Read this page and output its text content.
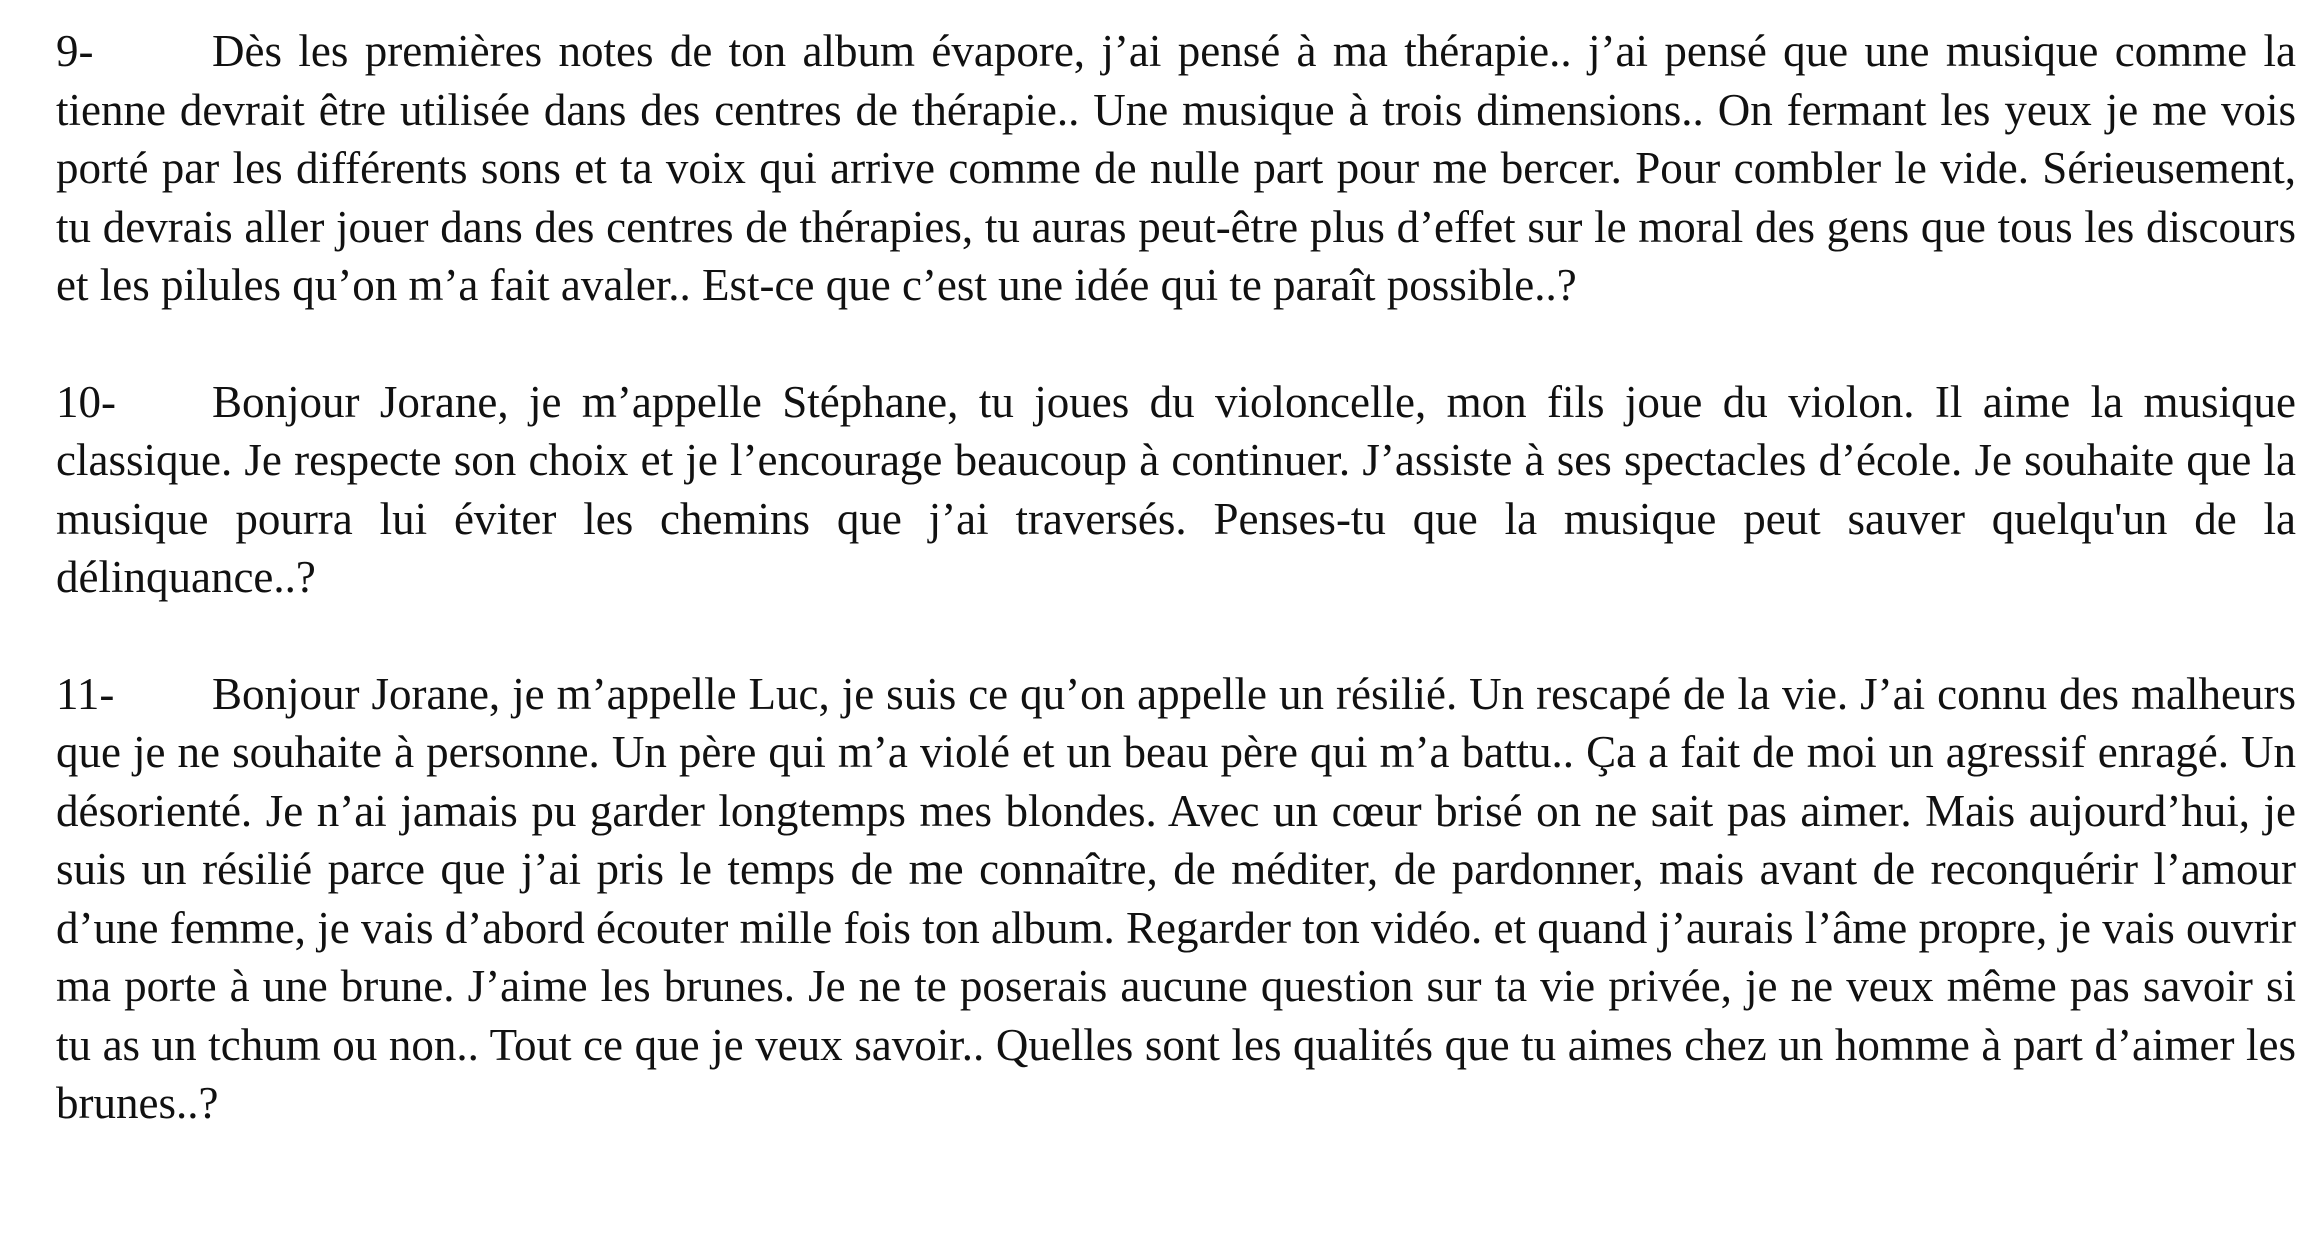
9-	Dès les premières notes de ton album évapore, j’ai pensé à ma thérapie.. j’ai pensé que une musique comme la tienne devrait être utilisée dans des centres de thérapie.. Une musique à trois dimensions.. On fermant les yeux je me vois porté par les différents sons et ta voix qui arrive comme de nulle part pour me bercer. Pour combler le vide. Sérieusement, tu devrais aller jouer dans des centres de thérapies, tu auras peut-être plus d’effet sur le moral des gens que tous les discours et les pilules qu’on m’a fait avaler.. Est-ce que c’est une idée qui te paraît possible..?

10- Bonjour Jorane, je m’appelle Stéphane, tu joues du violoncelle, mon fils joue du violon. Il aime la musique classique. Je respecte son choix et je l’encourage beaucoup à continuer. J’assiste à ses spectacles d’école. Je souhaite que la musique pourra lui éviter les chemins que j’ai traversés. Penses-tu que la musique peut sauver quelqu'un de la délinquance..?

11- Bonjour Jorane, je m’appelle Luc, je suis ce qu’on appelle un résilié. Un rescapé de la vie. J’ai connu des malheurs que je ne souhaite à personne. Un père qui m’a violé et un beau père qui m’a battu.. Ça a fait de moi un agressif enragé. Un désorienté. Je n’ai jamais pu garder longtemps mes blondes. Avec un cœur brisé on ne sait pas aimer. Mais aujourd’hui, je suis un résilié parce que j’ai pris le temps de me connaître, de méditer, de pardonner, mais avant de reconquérir l’amour d’une femme, je vais d’abord écouter mille fois ton album. Regarder ton vidéo. et quand j’aurais l’âme propre, je vais ouvrir ma porte à une brune. J’aime les brunes. Je ne te poserais aucune question sur ta vie privée, je ne veux même pas savoir si tu as un tchum ou non.. Tout ce que je veux savoir.. Quelles sont les qualités que tu aimes chez un homme à part d’aimer les brunes..?
